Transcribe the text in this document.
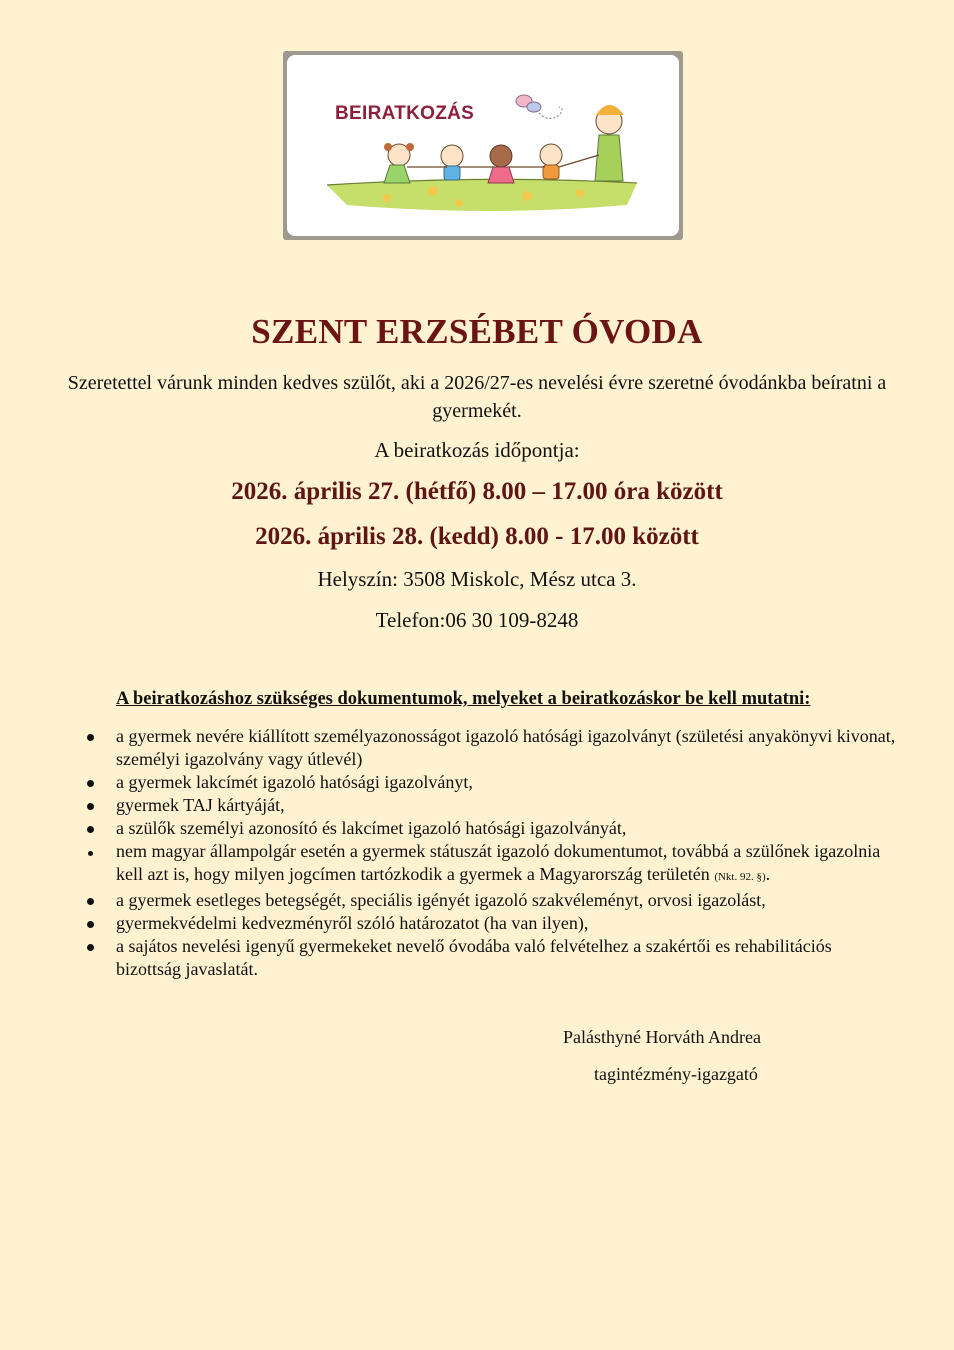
BEIRATKOZÁS
SZENT ERZSÉBET ÓVODA
Szeretettel várunk minden kedves szülőt, aki a 2026/27-es nevelési évre szeretné óvodánkba beíratni a gyermekét.
A beiratkozás időpontja:
2026. április 27. (hétfő) 8.00 – 17.00 óra között
2026. április 28. (kedd) 8.00 - 17.00 között
Helyszín: 3508 Miskolc, Mész utca 3.
Telefon:06 30 109-8248
A beiratkozáshoz szükséges dokumentumok, melyeket a beiratkozáskor be kell mutatni:
a gyermek nevére kiállított személyazonosságot igazoló hatósági igazolványt (születési anyakönyvi kivonat, személyi igazolvány vagy útlevél)
a gyermek lakcímét igazoló hatósági igazolványt,
gyermek TAJ kártyáját,
a szülők személyi azonosító és lakcímet igazoló hatósági igazolványát,
nem magyar állampolgár esetén a gyermek státuszát igazoló dokumentumot, továbbá a szülőnek igazolnia kell azt is, hogy milyen jogcímen tartózkodik a gyermek a Magyarország területén (Nkt. 92. §).
a gyermek esetleges betegségét, speciális igényét igazoló szakvéleményt, orvosi igazolást,
gyermekvédelmi kedvezményről szóló határozatot (ha van ilyen),
a sajátos nevelési igenyű gyermekeket nevelő óvodába való felvételhez a szakértői es rehabilitációs bizottság javaslatát.
Palásthyné Horváth Andrea
tagintézmény-igazgató
